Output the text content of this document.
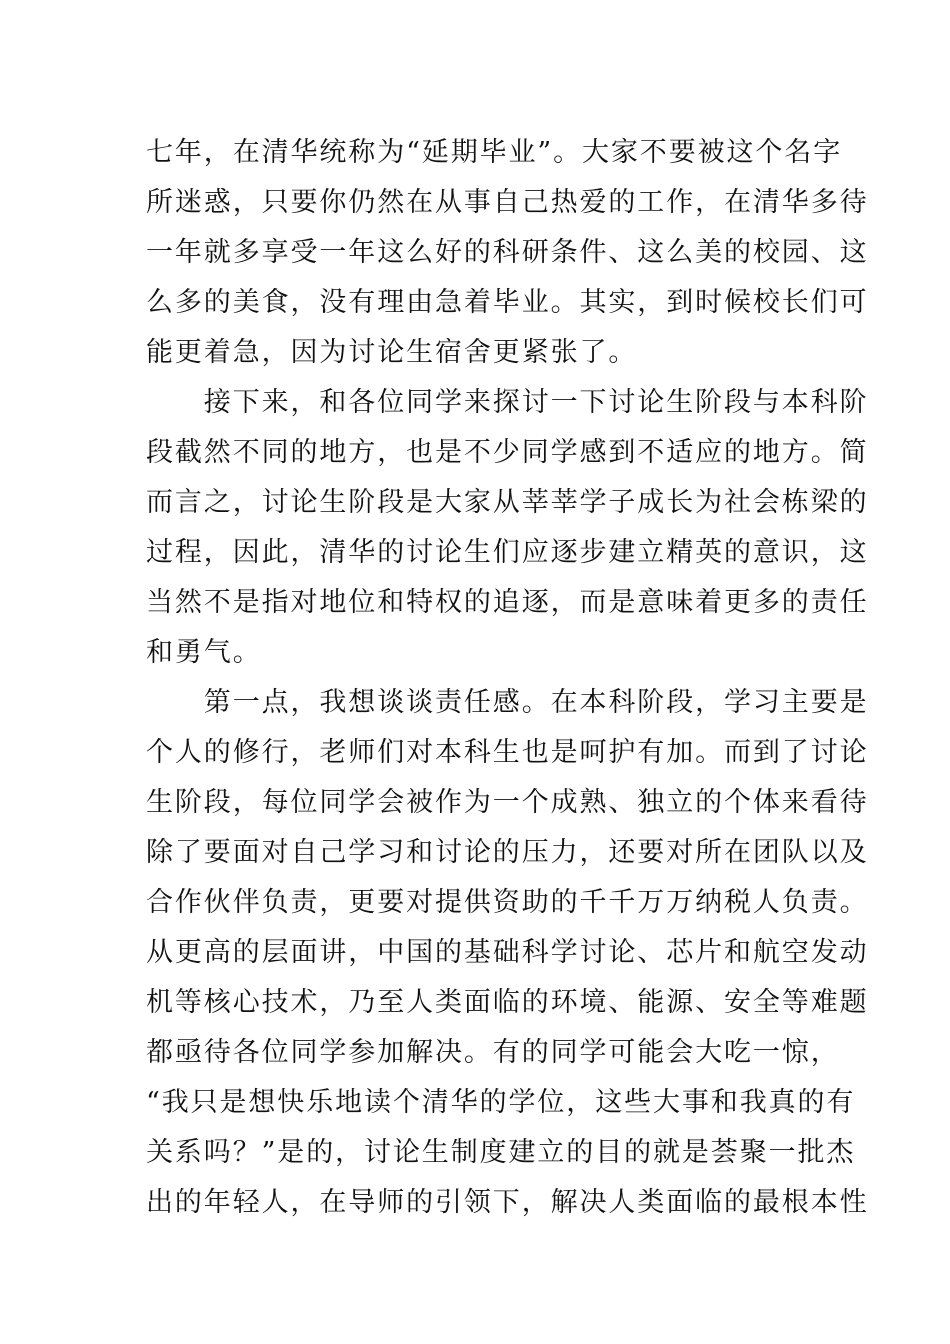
七年，在清华统称为“延期毕业”。大家不要被这个名字
所迷惑，只要你仍然在从事自己热爱的工作，在清华多待
一年就多享受一年这么好的科研条件、这么美的校园、这
么多的美食，没有理由急着毕业。其实，到时候校长们可
能更着急，因为讨论生宿舍更紧张了。
　　接下来，和各位同学来探讨一下讨论生阶段与本科阶
段截然不同的地方，也是不少同学感到不适应的地方。简
而言之，讨论生阶段是大家从莘莘学子成长为社会栋梁的
过程，因此，清华的讨论生们应逐步建立精英的意识，这
当然不是指对地位和特权的追逐，而是意味着更多的责任
和勇气。
　　第一点，我想谈谈责任感。在本科阶段，学习主要是
个人的修行，老师们对本科生也是呵护有加。而到了讨论
生阶段，每位同学会被作为一个成熟、独立的个体来看待
除了要面对自己学习和讨论的压力，还要对所在团队以及
合作伙伴负责，更要对提供资助的千千万万纳税人负责。
从更高的层面讲，中国的基础科学讨论、芯片和航空发动
机等核心技术，乃至人类面临的环境、能源、安全等难题
都亟待各位同学参加解决。有的同学可能会大吃一惊，
“我只是想快乐地读个清华的学位，这些大事和我真的有
关系吗？”是的，讨论生制度建立的目的就是荟聚一批杰
出的年轻人，在导师的引领下，解决人类面临的最根本性
